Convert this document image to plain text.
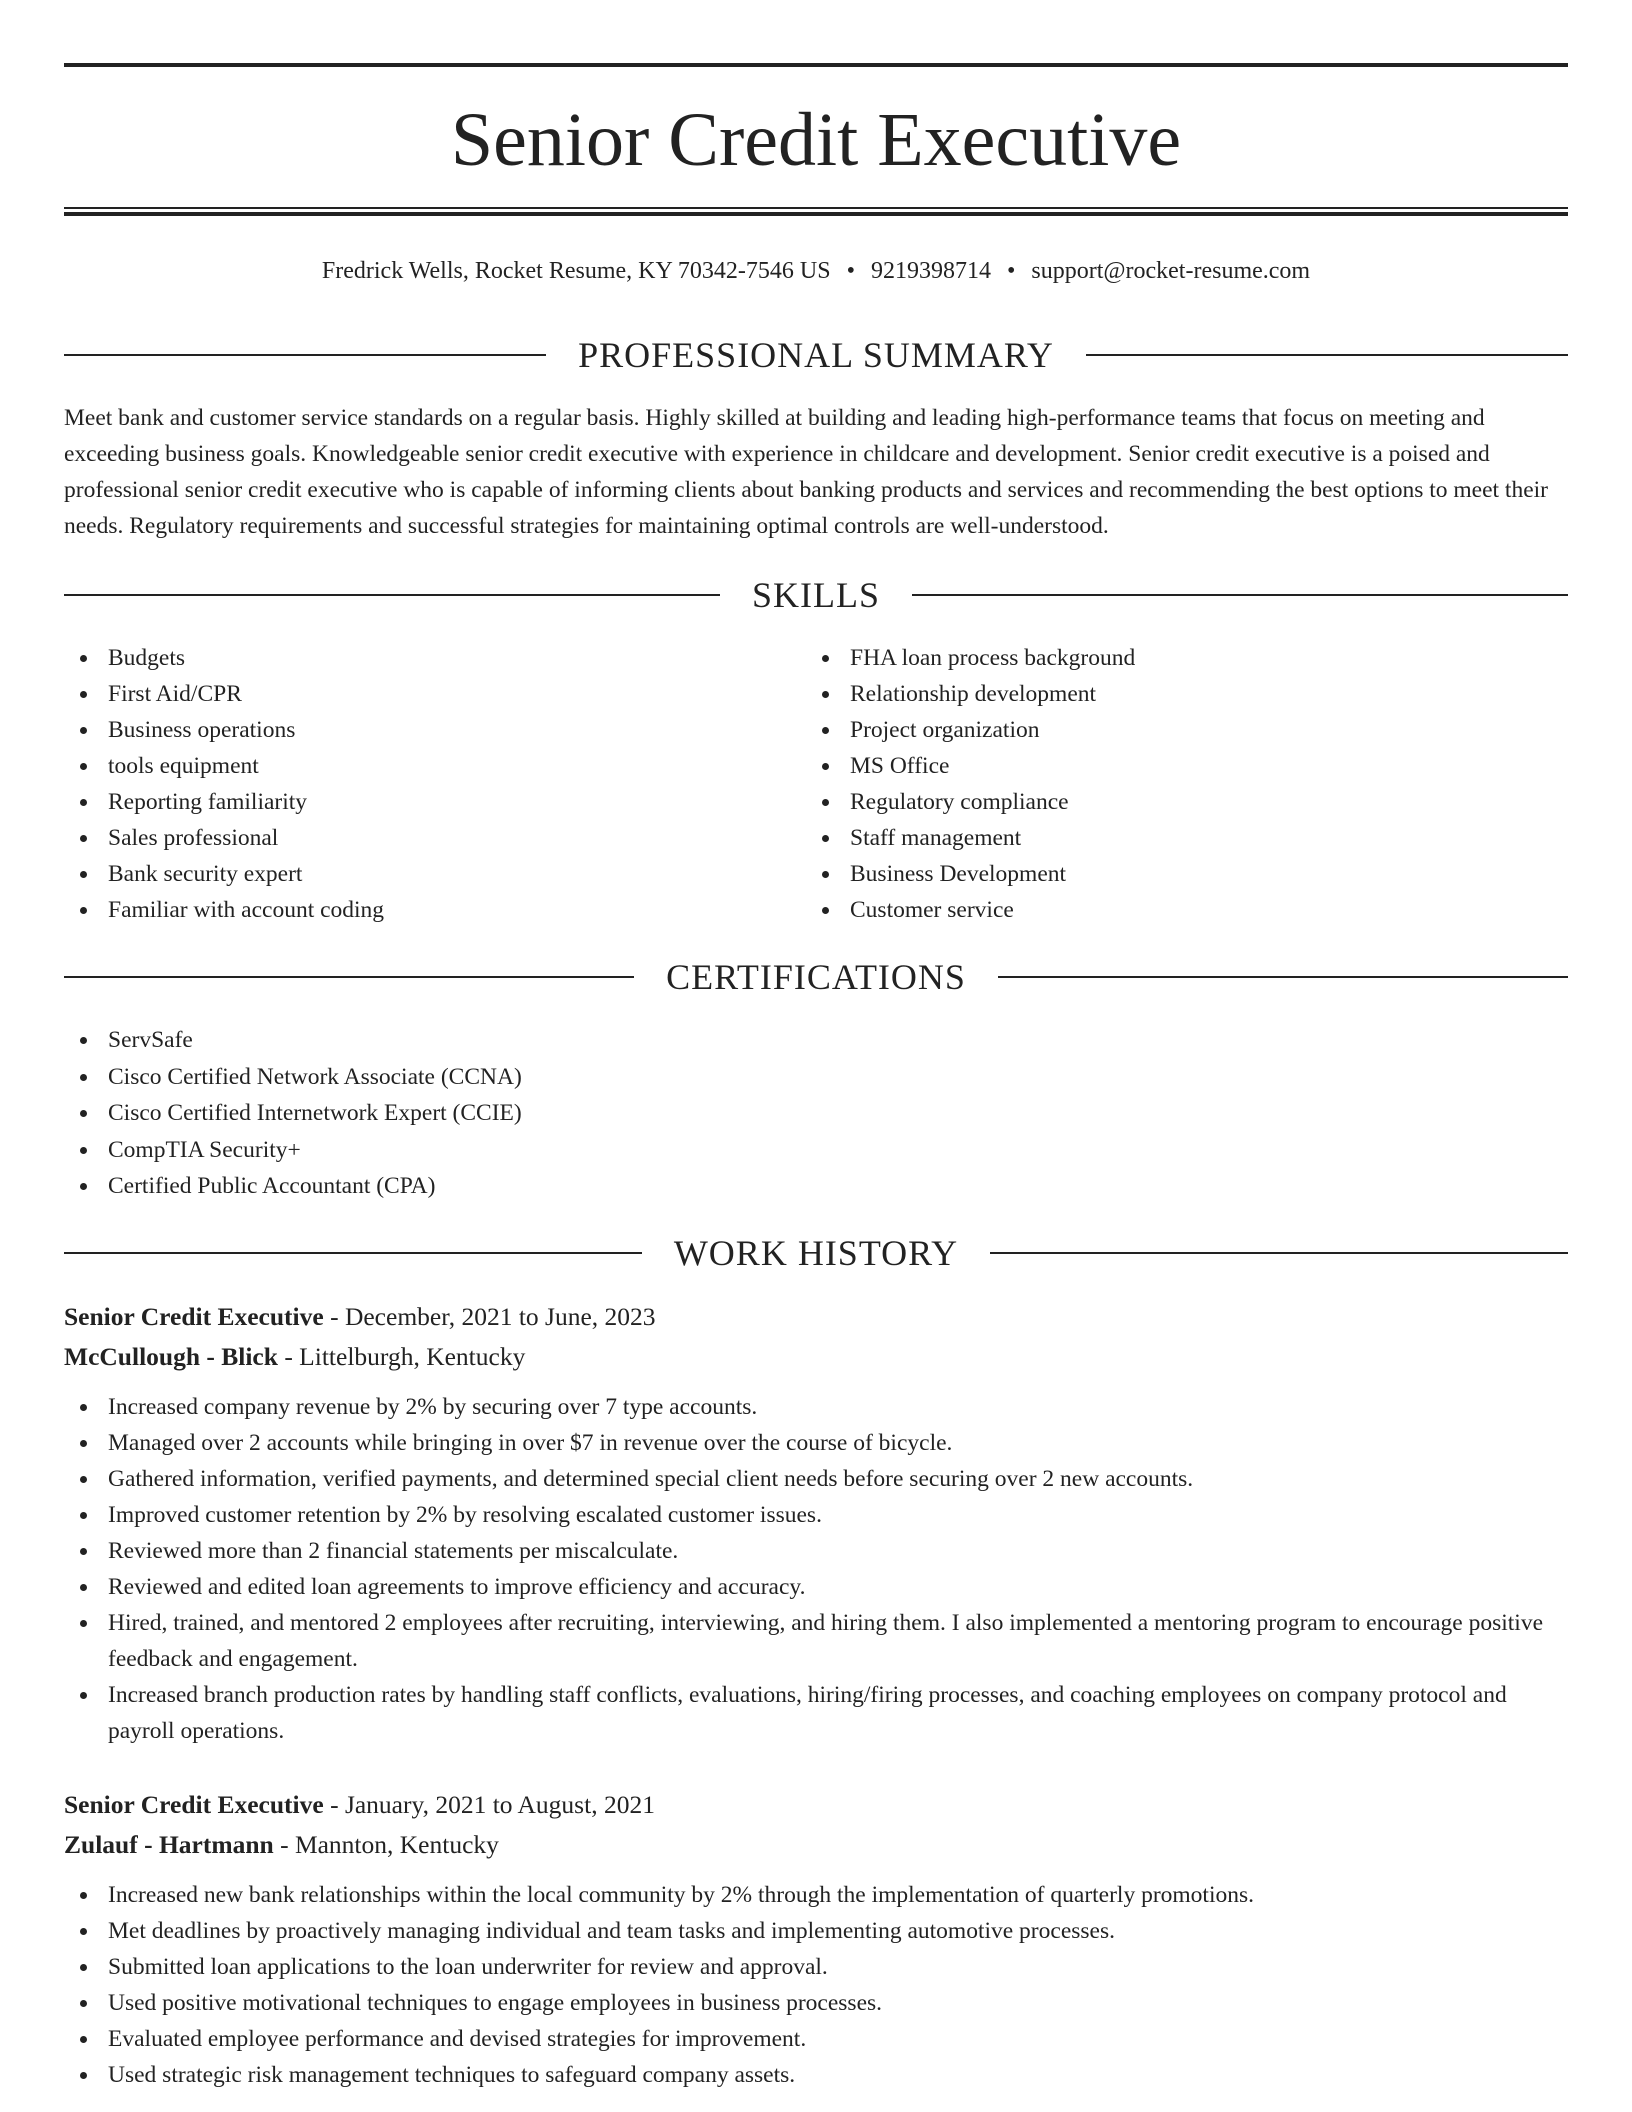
Senior Credit Executive
Fredrick Wells, Rocket Resume, KY 70342-7546 US • 9219398714 • support@rocket-resume.com
PROFESSIONAL SUMMARY

Meet bank and customer service standards on a regular basis. Highly skilled at building and leading high-performance teams that focus on meeting and exceeding business goals. Knowledgeable senior credit executive with experience in childcare and development. Senior credit executive is a poised and professional senior credit executive who is capable of informing clients about banking products and services and recommending the best options to meet their needs. Regulatory requirements and successful strategies for maintaining optimal controls are well-understood.

SKILLS
Budgets
First Aid/CPR
Business operations
tools equipment
Reporting familiarity
Sales professional
Bank security expert
Familiar with account coding
FHA loan process background
Relationship development
Project organization
MS Office
Regulatory compliance
Staff management
Business Development
Customer service
CERTIFICATIONS
ServSafe
Cisco Certified Network Associate (CCNA)
Cisco Certified Internetwork Expert (CCIE)
CompTIA Security+
Certified Public Accountant (CPA)
WORK HISTORY
Senior Credit Executive - December, 2021 to June, 2023
McCullough - Blick - Littelburgh, Kentucky
Increased company revenue by 2% by securing over 7 type accounts.
Managed over 2 accounts while bringing in over $7 in revenue over the course of bicycle.
Gathered information, verified payments, and determined special client needs before securing over 2 new accounts.
Improved customer retention by 2% by resolving escalated customer issues.
Reviewed more than 2 financial statements per miscalculate.
Reviewed and edited loan agreements to improve efficiency and accuracy.
Hired, trained, and mentored 2 employees after recruiting, interviewing, and hiring them. I also implemented a mentoring program to encourage positive feedback and engagement.
Increased branch production rates by handling staff conflicts, evaluations, hiring/firing processes, and coaching employees on company protocol and payroll operations.
Senior Credit Executive - January, 2021 to August, 2021
Zulauf - Hartmann - Mannton, Kentucky
Increased new bank relationships within the local community by 2% through the implementation of quarterly promotions.
Met deadlines by proactively managing individual and team tasks and implementing automotive processes.
Submitted loan applications to the loan underwriter for review and approval.
Used positive motivational techniques to engage employees in business processes.
Evaluated employee performance and devised strategies for improvement.
Used strategic risk management techniques to safeguard company assets.
